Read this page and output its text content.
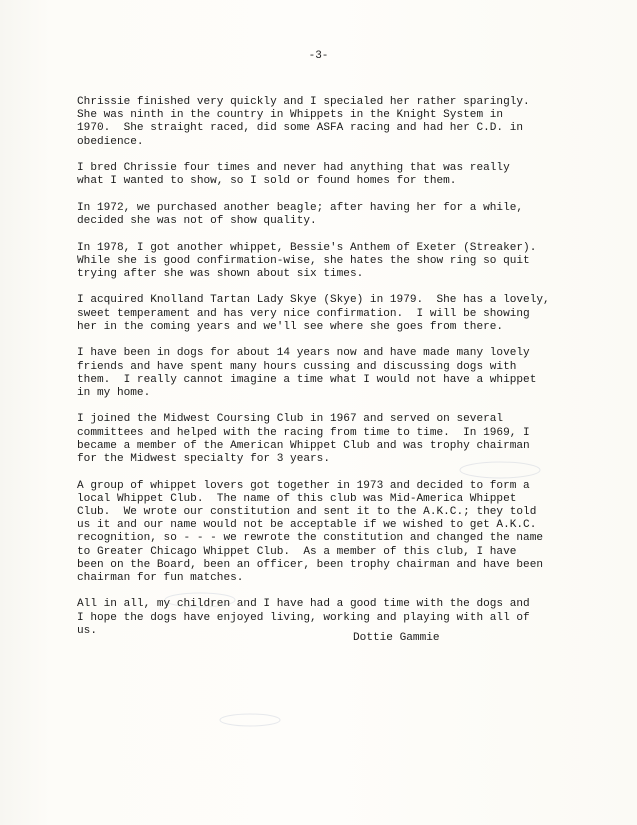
-3-

Chrissie finished very quickly and I specialed her rather sparingly.
She was ninth in the country in Whippets in the Knight System in
1970.  She straight raced, did some ASFA racing and had her C.D. in
obedience.

I bred Chrissie four times and never had anything that was really
what I wanted to show, so I sold or found homes for them.

In 1972, we purchased another beagle; after having her for a while,
decided she was not of show quality.

In 1978, I got another whippet, Bessie's Anthem of Exeter (Streaker).
While she is good confirmation-wise, she hates the show ring so quit
trying after she was shown about six times.

I acquired Knolland Tartan Lady Skye (Skye) in 1979.  She has a lovely,
sweet temperament and has very nice confirmation.  I will be showing
her in the coming years and we'll see where she goes from there.

I have been in dogs for about 14 years now and have made many lovely
friends and have spent many hours cussing and discussing dogs with
them.  I really cannot imagine a time what I would not have a whippet
in my home.

I joined the Midwest Coursing Club in 1967 and served on several
committees and helped with the racing from time to time.  In 1969, I
became a member of the American Whippet Club and was trophy chairman
for the Midwest specialty for 3 years.

A group of whippet lovers got together in 1973 and decided to form a
local Whippet Club.  The name of this club was Mid-America Whippet
Club.  We wrote our constitution and sent it to the A.K.C.; they told
us it and our name would not be acceptable if we wished to get A.K.C.
recognition, so - - - we rewrote the constitution and changed the name
to Greater Chicago Whippet Club.  As a member of this club, I have
been on the Board, been an officer, been trophy chairman and have been
chairman for fun matches.

All in all, my children and I have had a good time with the dogs and
I hope the dogs have enjoyed living, working and playing with all of
us.

Dottie Gammie
